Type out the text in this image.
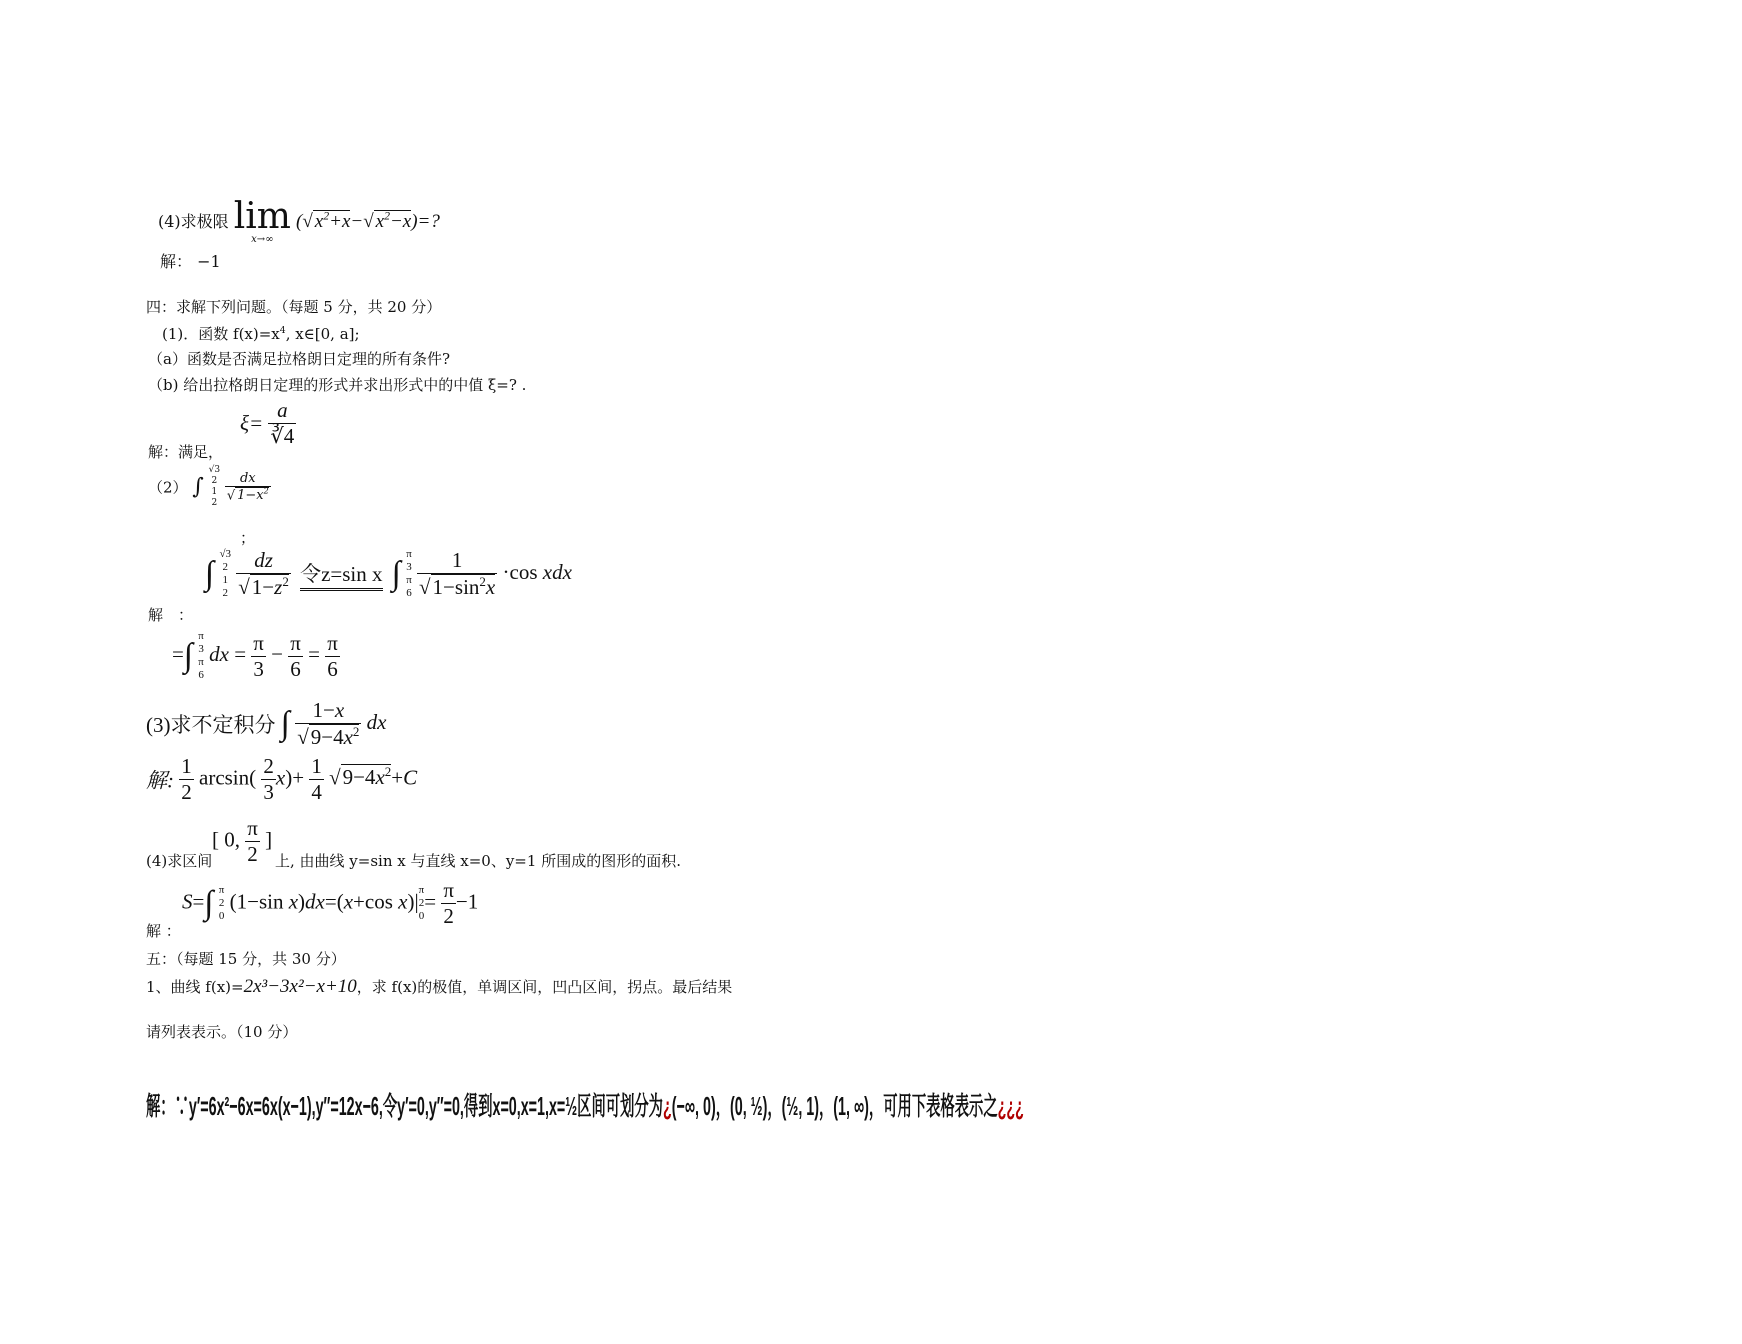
(4)求极限 lim
x→∞
(√ $x^2+x-√$ $x^2-x)=$?
解： −1
四：求解下列问题。（每题 5 分，共 20 分）
(1)．函数 $f(x)=x^4$, x∈[0, a];
（a）函数是否满足拉格朗日定理的所有条件?
（b) 给出拉格朗日定理的形式并求出形式中的中值 ξ=? .
$\xi= \frac{a}{∛4}$
解：满足，
（2） ∫
√3
2
1
2
$\frac{dx}{√ 1-x^2}$
；
解　：
∫
√3
2
1
2
$\frac{dz}{√1-z^2}$ 令z=sin x ∫
π
3
π
6
$\frac{1}{√1-\sin^2x} \cdot\cos$ xdx
=∫
π
3
π
6
dx = $\frac{\pi}{3} - \frac{\pi}{6} = \frac{\pi}{6}$
(3)求不定积分 ∫ $\frac{1-x}{√9-4x^2}$ dx
解: $\frac{1}{2} \arcsin( \frac{2}{3} x)+ \frac{1}{4} √9-4x^2+C$
(4)求区间
[ 0, $\frac{\pi}{2}$ ]
上, 由曲线 y=sin x 与直线 x=0、y=1 所围成的图形的面积.
解 ：
S=∫ π
2
0
(1−sin x)dx=(x+cos x)| π
2
0
= $\frac{\pi}{2} -1$
五：（每题 15 分，共 30 分）
1、曲线 f(x)=2x³−3x²−x+10，求 f(x)的极值，单调区间，凹凸区间，拐点。最后结果
请列表表示。（10 分）
解：∵y′=6x²−6x=6x(x−1),y″=12x−6,令y′=0,y″=0,得到x=0,x=1,x=½区间可划分为¿(−∞, 0)，(0, ½)，(½, 1)，(1, ∞)，可用下表格表示之¿¿¿
